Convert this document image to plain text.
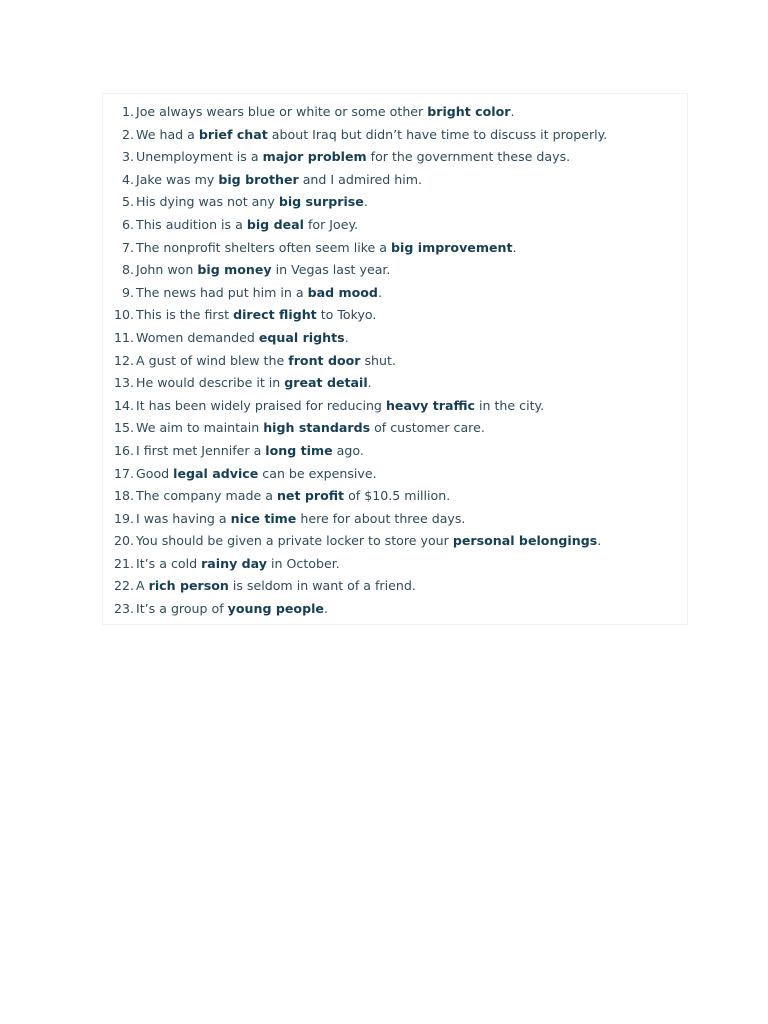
1. Joe always wears blue or white or some other bright color.
2. We had a brief chat about Iraq but didn’t have time to discuss it properly.
3. Unemployment is a major problem for the government these days.
4. Jake was my big brother and I admired him.
5. His dying was not any big surprise.
6. This audition is a big deal for Joey.
7. The nonprofit shelters often seem like a big improvement.
8. John won big money in Vegas last year.
9. The news had put him in a bad mood.
10. This is the first direct flight to Tokyo.
11. Women demanded equal rights.
12. A gust of wind blew the front door shut.
13. He would describe it in great detail.
14. It has been widely praised for reducing heavy traffic in the city.
15. We aim to maintain high standards of customer care.
16. I first met Jennifer a long time ago.
17. Good legal advice can be expensive.
18. The company made a net profit of $10.5 million.
19. I was having a nice time here for about three days.
20. You should be given a private locker to store your personal belongings.
21. It’s a cold rainy day in October.
22. A rich person is seldom in want of a friend.
23. It’s a group of young people.
